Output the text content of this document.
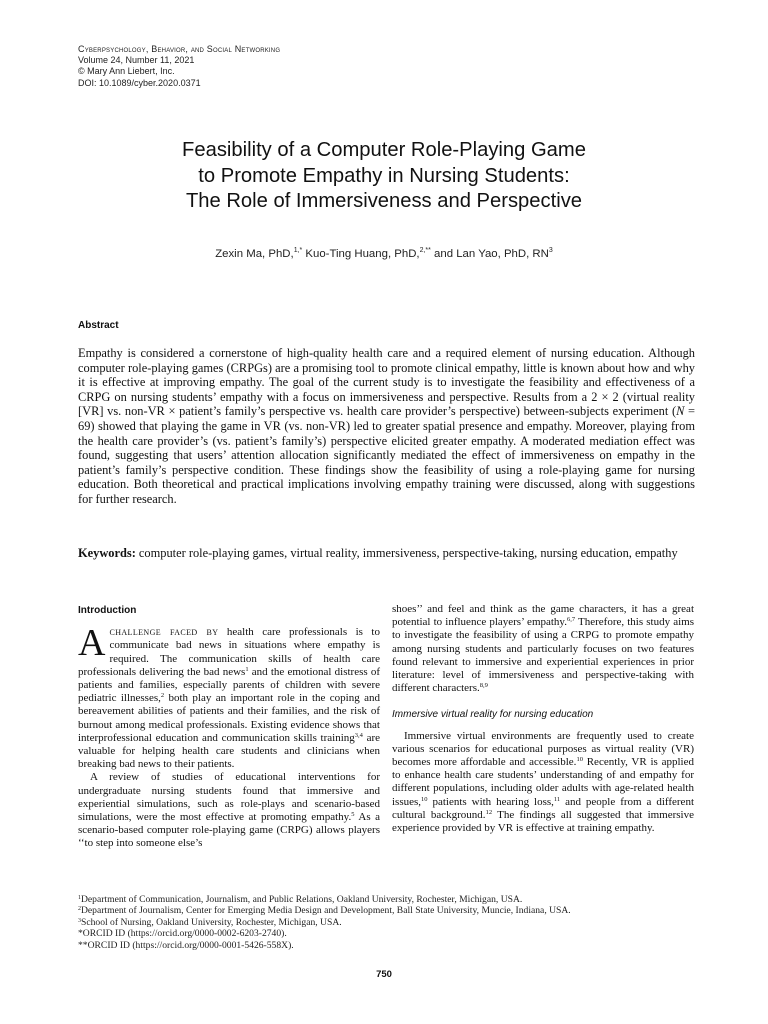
Cyberpsychology, Behavior, and Social Networking
Volume 24, Number 11, 2021
© Mary Ann Liebert, Inc.
DOI: 10.1089/cyber.2020.0371
Feasibility of a Computer Role-Playing Game
to Promote Empathy in Nursing Students:
The Role of Immersiveness and Perspective
Zexin Ma, PhD,$^{1,*}$ Kuo-Ting Huang, PhD,$^{2,**}$ and Lan Yao, PhD, $RN^3$
Abstract

Empathy is considered a cornerstone of high-quality health care and a required element of nursing education. Although computer role-playing games (CRPGs) are a promising tool to promote clinical empathy, little is known about how and why it is effective at improving empathy. The goal of the current study is to investigate the feasibility and effectiveness of a CRPG on nursing students’ empathy with a focus on immersiveness and perspective. Results from a 2 × 2 (virtual reality [VR] vs. non-VR × patient’s family’s perspective vs. health care provider’s perspective) between-subjects experiment (N = 69) showed that playing the game in VR (vs. non-VR) led to greater spatial presence and empathy. Moreover, playing from the health care provider’s (vs. patient’s family’s) perspective elicited greater empathy. A moderated mediation effect was found, suggesting that users’ attention allocation significantly mediated the effect of immersiveness on empathy in the patient’s family’s perspective condition. These findings show the feasibility of using a role-playing game for nursing education. Both theoretical and practical implications involving empathy training were discussed, along with suggestions for further research.

Keywords: computer role-playing games, virtual reality, immersiveness, perspective-taking, nursing education, empathy

Introduction

Achallenge faced by health care professionals is to communicate bad news in situations where empathy is required. The communication skills of health care professionals delivering the bad news$^1$ and the emotional distress of patients and families, especially parents of children with severe pediatric illnesses,$^2$ both play an important role in the coping and bereavement abilities of patients and their families, and the risk of burnout among medical professionals. Existing evidence shows that interprofessional education and communication skills training$^{3,4}$ are valuable for helping health care students and clinicians when breaking bad news to their patients.

A review of studies of educational interventions for undergraduate nursing students found that immersive and experiential simulations, such as role-plays and scenario-based simulations, were the most effective at promoting empathy.$^5$ As a scenario-based computer role-playing game (CRPG) allows players ‘‘to step into someone else’s

shoes’’ and feel and think as the game characters, it has a great potential to influence players’ empathy.$^{6,7}$ Therefore, this study aims to investigate the feasibility of using a CRPG to promote empathy among nursing students and particularly focuses on two features found relevant to immersive and experiential experiences in prior literature: level of immersiveness and perspective-taking with different characters.$^{8,9}$

Immersive virtual reality for nursing education

Immersive virtual environments are frequently used to create various scenarios for educational purposes as virtual reality (VR) becomes more affordable and accessible.$^{10}$ Recently, VR is applied to enhance health care students’ understanding of and empathy for different populations, including older adults with age-related health issues,$^{10}$ patients with hearing loss,$^{11}$ and people from a different cultural background.$^{12}$ The findings all suggested that immersive experience provided by VR is effective at training empathy.

$^1$Department of Communication, Journalism, and Public Relations, Oakland University, Rochester, Michigan, USA.
$^2$Department of Journalism, Center for Emerging Media Design and Development, Ball State University, Muncie, Indiana, USA.
$^3$School of Nursing, Oakland University, Rochester, Michigan, USA.
*ORCID ID (https://orcid.org/0000-0002-6203-2740).
**ORCID ID (https://orcid.org/0000-0001-5426-558X).
750
